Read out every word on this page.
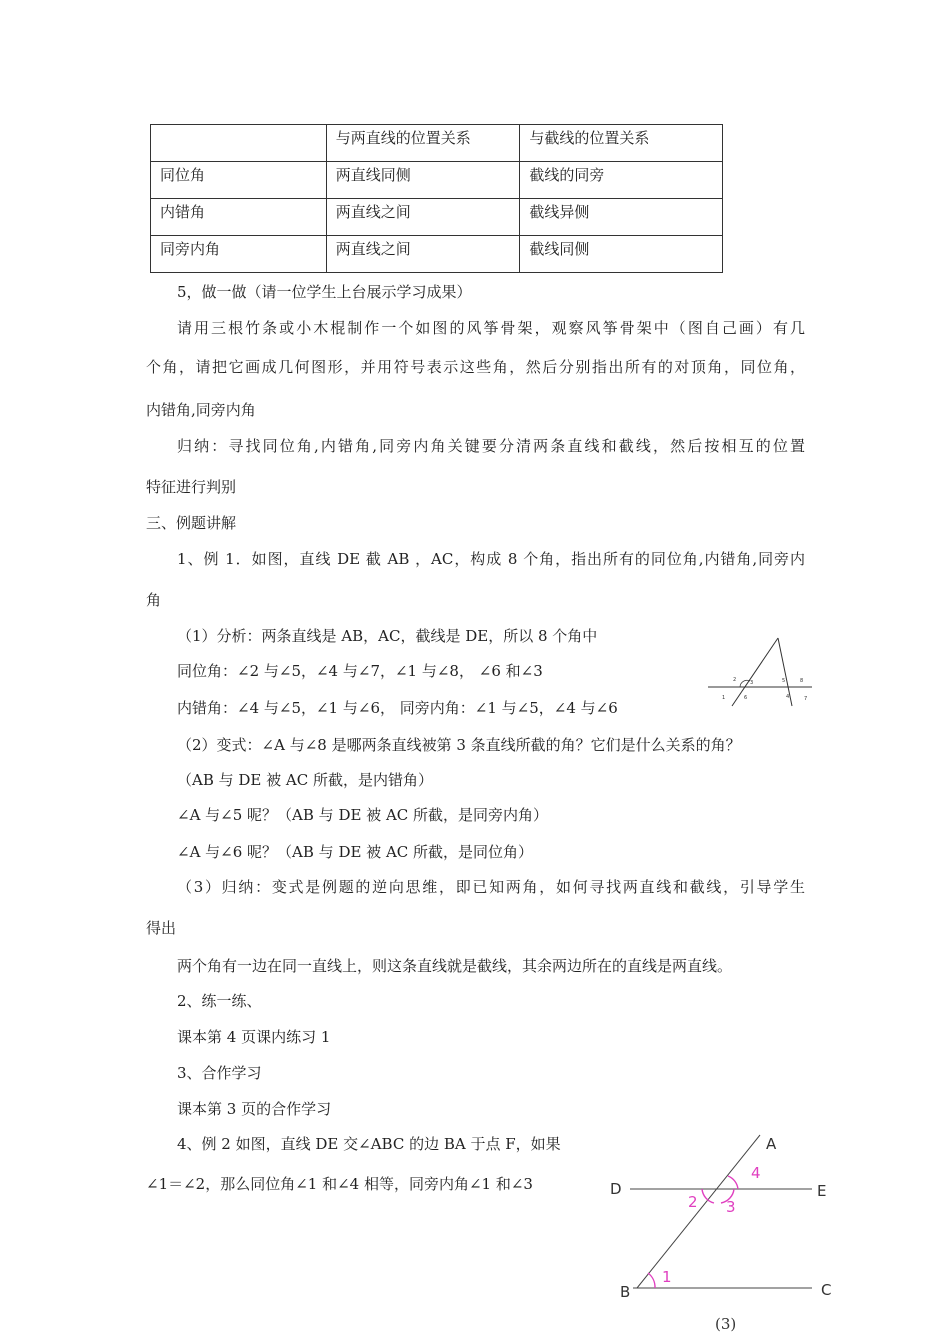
	与两直线的位置关系	与截线的位置关系
同位角	两直线同侧	截线的同旁
内错角	两直线之间	截线异侧
同旁内角	两直线之间	截线同侧
5，做一做（请一位学生上台展示学习成果）
请用三根竹条或小木棍制作一个如图的风筝骨架，观察风筝骨架中（图自己画）有几
个角，请把它画成几何图形，并用符号表示这些角，然后分别指出所有的对顶角，同位角，
内错角,同旁内角
归纳：寻找同位角,内错角,同旁内角关键要分清两条直线和截线，然后按相互的位置
特征进行判别
三、例题讲解
1、例 1．如图，直线 DE 截 AB ，AC，构成 8 个角，指出所有的同位角,内错角,同旁内
角
（1）分析：两条直线是 AB，AC，截线是 DE，所以 8 个角中
同位角：∠2 与∠5，∠4 与∠7，∠1 与∠8， ∠6 和∠3
内错角：∠4 与∠5，∠1 与∠6， 同旁内角：∠1 与∠5，∠4 与∠6
（2）变式：∠A 与∠8 是哪两条直线被第 3 条直线所截的角？它们是什么关系的角？
（AB 与 DE 被 AC 所截，是内错角）
∠A 与∠5 呢？（AB 与 DE 被 AC 所截，是同旁内角）
∠A 与∠6 呢？（AB 与 DE 被 AC 所截，是同位角）
（3）归纳：变式是例题的逆向思维，即已知两角，如何寻找两直线和截线，引导学生
得出
两个角有一边在同一直线上，则这条直线就是截线，其余两边所在的直线是两直线。
2、练一练、
课本第 4 页课内练习 1
3、合作学习
课本第 3 页的合作学习
4、例 2 如图，直线 DE 交∠ABC 的边 BA 于点 F，如果
∠1＝∠2，那么同位角∠1 和∠4 相等，同旁内角∠1 和∠3
2	3
1	6
5	8
4	7
A
D	E
B	C
1
2 3
4
(3)
